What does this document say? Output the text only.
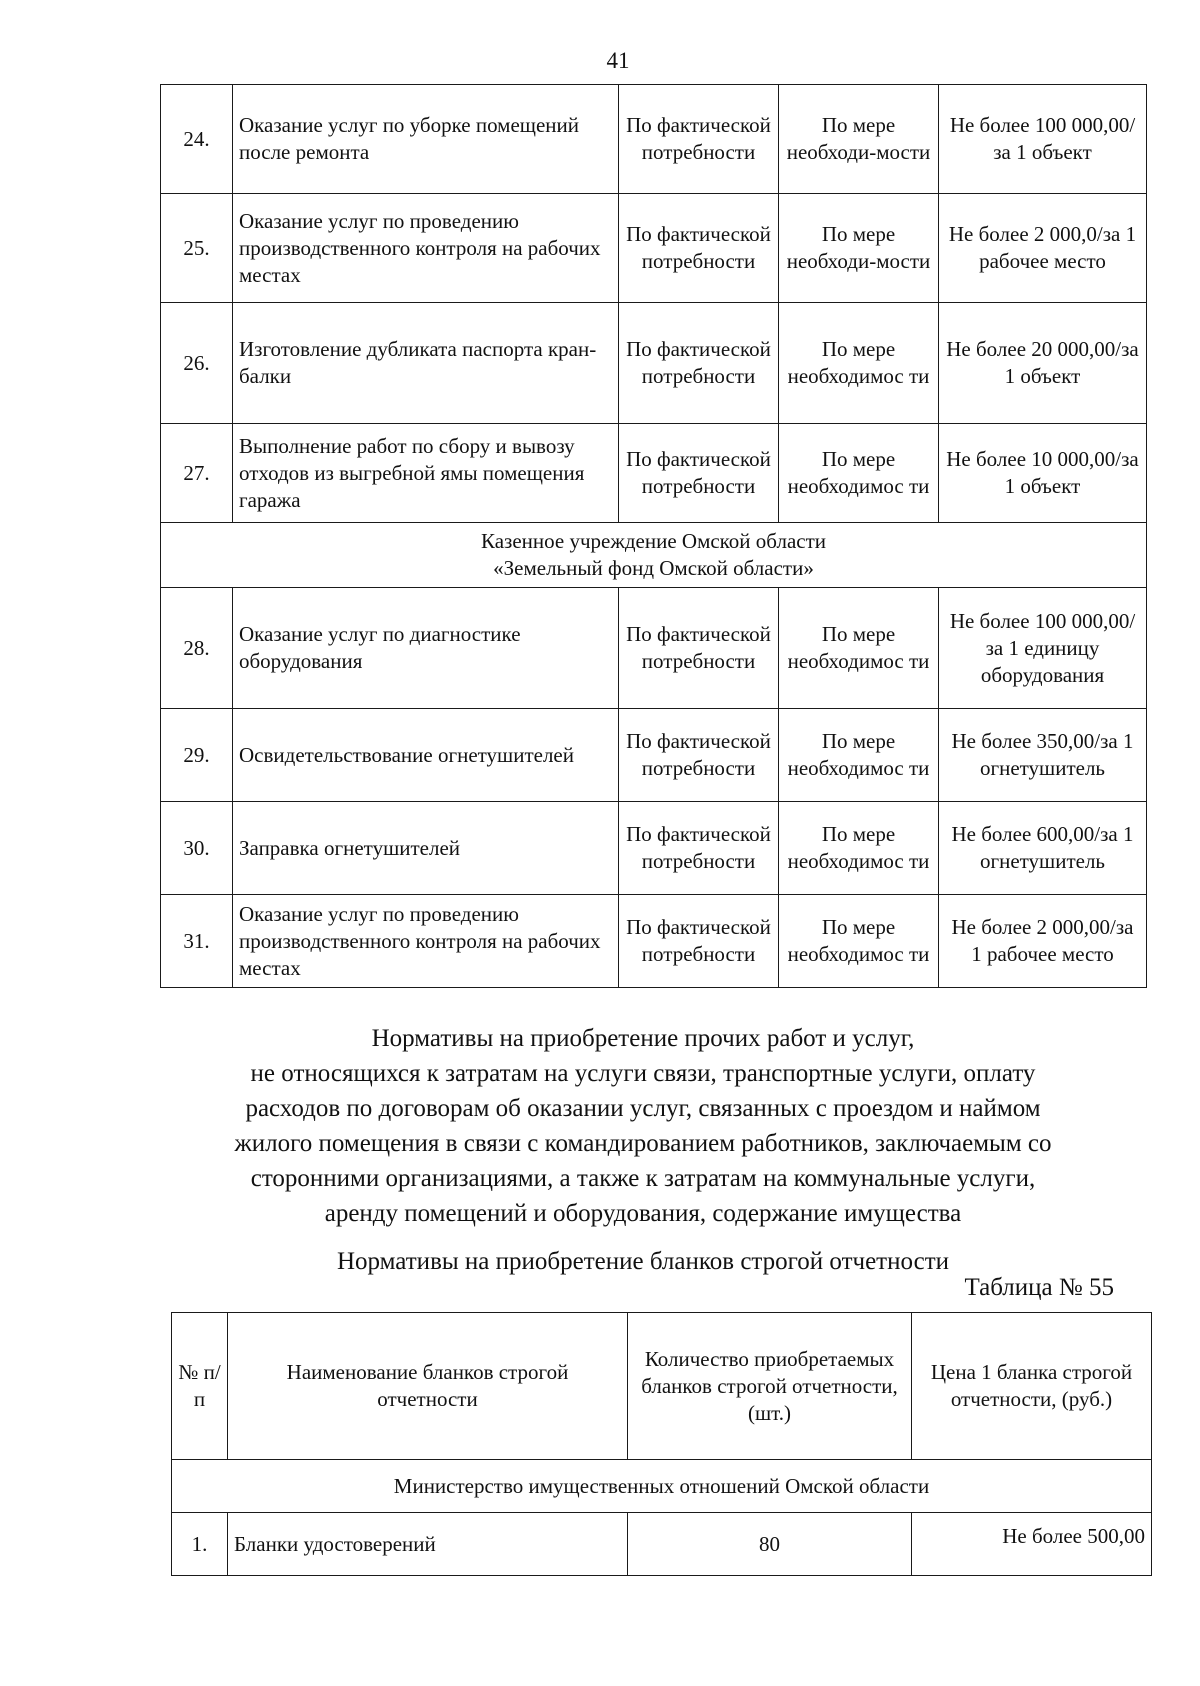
41
24.	Оказание услуг по уборке помещений после ремонта	По фактической потребности	По мере необходи-мости	Не более 100 000,00/за 1 объект
25.	Оказание услуг по проведению производственного контроля на рабочих местах	По фактической потребности	По мере необходи-мости	Не более 2 000,0/за 1 рабочее место
26.	Изготовление дубликата паспорта кран-балки	По фактической потребности	По мере необходимос ти	Не более 20 000,00/за 1 объект
27.	Выполнение работ по сбору и вывозу отходов из выгребной ямы помещения гаража	По фактической потребности	По мере необходимос ти	Не более 10 000,00/за 1 объект
Казенное учреждение Омской области
«Земельный фонд Омской области»				
28.	Оказание услуг по диагностике оборудования	По фактической потребности	По мере необходимос ти	Не более 100 000,00/за 1 единицу оборудования
29.	Освидетельствование огнетушителей	По фактической потребности	По мере необходимос ти	Не более 350,00/за 1 огнетушитель
30.	Заправка огнетушителей	По фактической потребности	По мере необходимос ти	Не более 600,00/за 1 огнетушитель
31.	Оказание услуг по проведению производственного контроля на рабочих местах	По фактической потребности	По мере необходимос ти	Не более 2 000,00/за 1 рабочее место
Нормативы на приобретение прочих работ и услуг,
не относящихся к затратам на услуги связи, транспортные услуги, оплату
расходов по договорам об оказании услуг, связанных с проездом и наймом
жилого помещения в связи с командированием работников, заключаемым со
сторонними организациями, а также к затратам на коммунальные услуги,
аренду помещений и оборудования, содержание имущества
Нормативы на приобретение бланков строгой отчетности
Таблица № 55
№ п/п	Наименование бланков строгой отчетности	Количество приобретаемых бланков строгой отчетности, (шт.)	Цена 1 бланка строгой отчетности, (руб.)
Министерство имущественных отношений Омской области			
1.	Бланки удостоверений	80	Не более 500,00
